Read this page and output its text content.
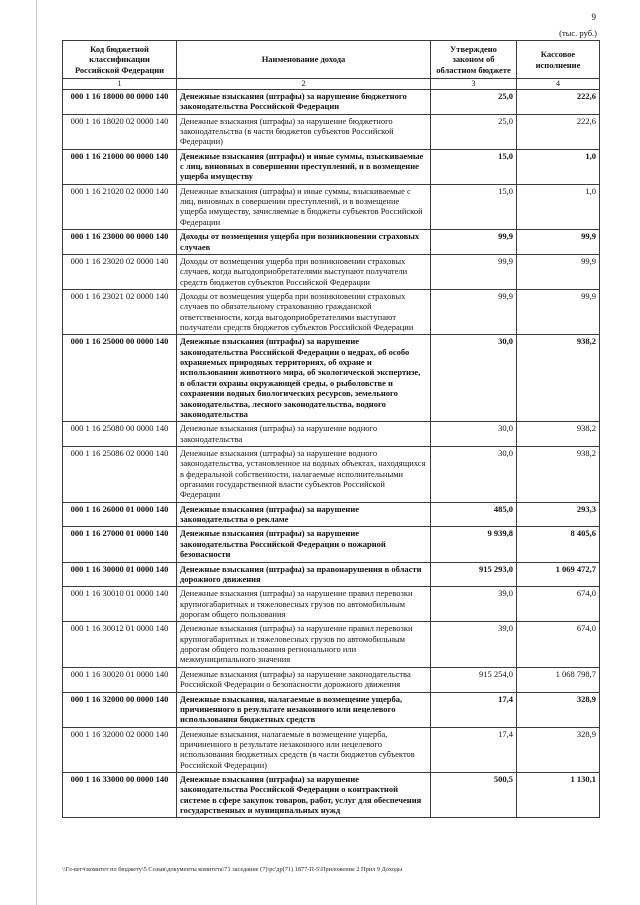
9
(тыс. руб.)
Код бюджетной классификации Российской Федерации	Наименование дохода	Утверждено законом об областном бюджете	Кассовое исполнение
1	2	3	4
000 1 16 18000 00 0000 140	Денежные взыскания (штрафы) за нарушение бюджетного законодательства Российской Федерации	25,0	222,6
000 1 16 18020 02 0000 140	Денежные взыскания (штрафы) за нарушение бюджетного законодательства (в части бюджетов субъектов Российской Федерации)	25,0	222,6
000 1 16 21000 00 0000 140	Денежные взыскания (штрафы) и иные суммы, взыскиваемые с лиц, виновных в совершении преступлений, и в возмещение ущерба имуществу	15,0	1,0
000 1 16 21020 02 0000 140	Денежные взыскания (штрафы) и иные суммы, взыскиваемые с лиц, виновных в совершении преступлений, и в возмещение ущерба имуществу, зачисляемые в бюджеты субъектов Российской Федерации	15,0	1,0
000 1 16 23000 00 0000 140	Доходы от возмещения ущерба при возникновении страховых случаев	99,9	99,9
000 1 16 23020 02 0000 140	Доходы от возмещения ущерба при возникновении страховых случаев, когда выгодоприобретателями выступают получатели средств бюджетов субъектов Российской Федерации	99,9	99,9
000 1 16 23021 02 0000 140	Доходы от возмещения ущерба при возникновении страховых случаев по обязательному страхованию гражданской ответственности, когда выгодоприобретателями выступают получатели средств бюджетов субъектов Российской Федерации	99,9	99,9
000 1 16 25000 00 0000 140	Денежные взыскания (штрафы) за нарушение законодательства Российской Федерации о недрах, об особо охраняемых природных территориях, об охране и использовании животного мира, об экологической экспертизе, в области охраны окружающей среды, о рыболовстве и сохранении водных биологических ресурсов, земельного законодательства, лесного законодательства, водного законодательства	30,0	938,2
000 1 16 25080 00 0000 140	Денежные взыскания (штрафы) за нарушение водного законодательства	30,0	938,2
000 1 16 25086 02 0000 140	Денежные взыскания (штрафы) за нарушение водного законодательства, установленное на водных объектах, находящихся в федеральной собственности, налагаемые исполнительными органами государственной власти субъектов Российской Федерации	30,0	938,2
000 1 16 26000 01 0000 140	Денежные взыскания (штрафы) за нарушение законодательства о рекламе	485,0	293,3
000 1 16 27000 01 0000 140	Денежные взыскания (штрафы) за нарушение законодательства Российской Федерации о пожарной безопасности	9 939,8	8 405,6
000 1 16 30000 01 0000 140	Денежные взыскания (штрафы) за правонарушения в области дорожного движения	915 293,0	1 069 472,7
000 1 16 30010 01 0000 140	Денежные взыскания (штрафы) за нарушение правил перевозки крупногабаритных и тяжеловесных грузов по автомобильным дорогам общего пользования	39,0	674,0
000 1 16 30012 01 0000 140	Денежные взыскания (штрафы) за нарушение правил перевозки крупногабаритных и тяжеловесных грузов по автомобильным дорогам общего пользования регионального или межмуниципального значения	39,0	674,0
000 1 16 30020 01 0000 140	Денежные взыскания (штрафы) за нарушение законодательства Российской Федерации о безопасности дорожного движения	915 254,0	1 068 798,7
000 1 16 32000 00 0000 140	Денежные взыскания, налагаемые в возмещение ущерба, причиненного в результате незаконного или нецелевого использования бюджетных средств	17,4	328,9
000 1 16 32000 02 0000 140	Денежные взыскания, налагаемые в возмещение ущерба, причиненного в результате незаконного или нецелевого использования бюджетных средств (в части бюджетов субъектов Российской Федерации)	17,4	328,9
000 1 16 33000 00 0000 140	Денежные взыскания (штрафы) за нарушение законодательства Российской Федерации о контрактной системе в сфере закупок товаров, работ, услуг для обеспечения государственных и муниципальных нужд	500,5	1 130,1
\\Гл-вегч\комитет по бюджету\5 Созыв\документы комитета\71 заседание (7)\рс'др(71) 1877-П-5\Приложение 2 Прил 9 Доходы
